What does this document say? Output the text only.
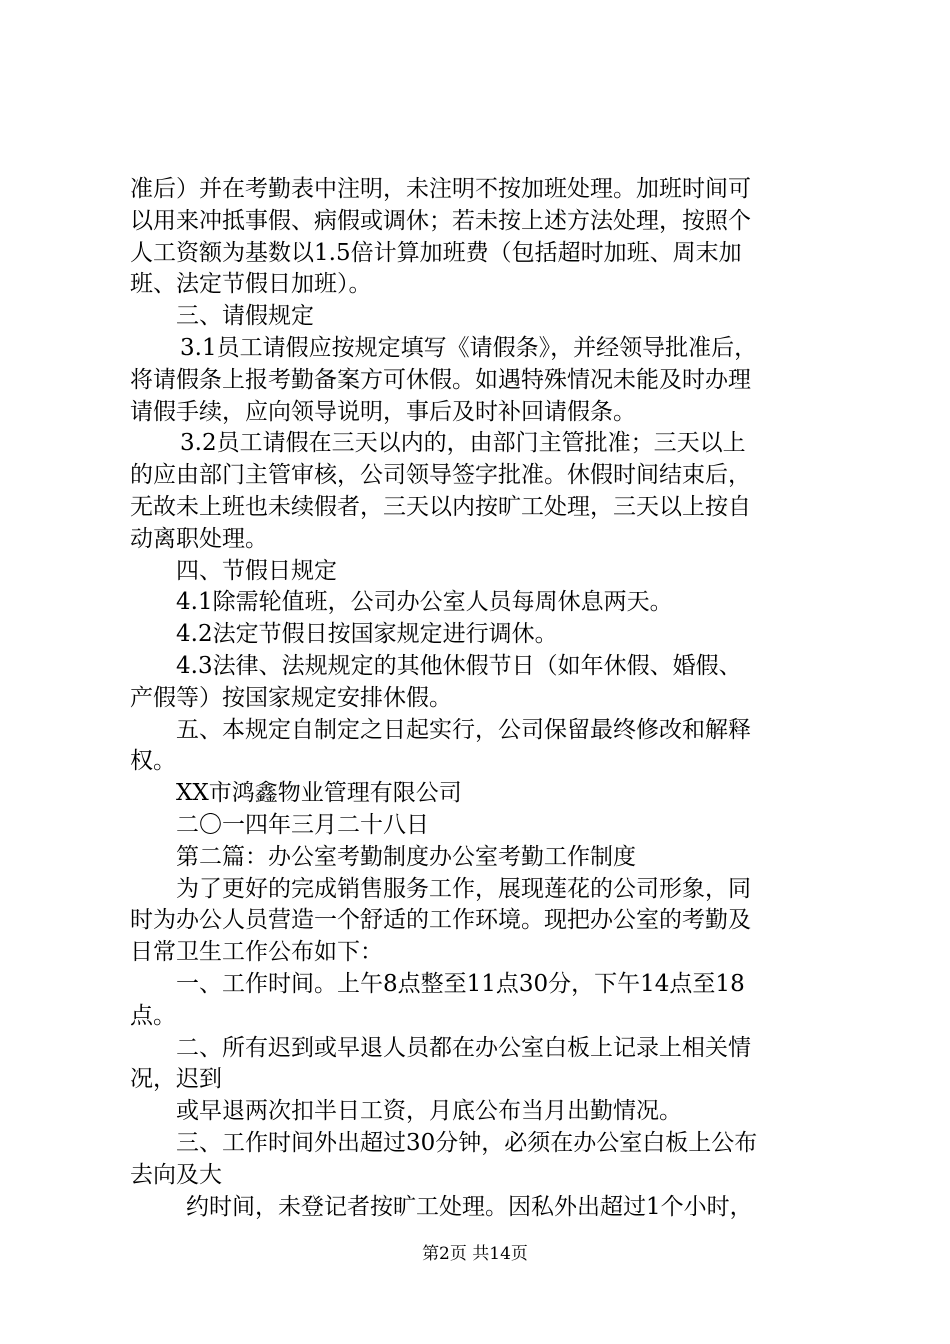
准后）并在考勤表中注明，未注明不按加班处理。加班时间可
以用来冲抵事假、病假或调休；若未按上述方法处理，按照个
人工资额为基数以1.5倍计算加班费（包括超时加班、周末加
班、法定节假日加班）。
三、请假规定
3.1员工请假应按规定填写《请假条》，并经领导批准后，
将请假条上报考勤备案方可休假。如遇特殊情况未能及时办理
请假手续，应向领导说明，事后及时补回请假条。
3.2员工请假在三天以内的，由部门主管批准；三天以上
的应由部门主管审核，公司领导签字批准。休假时间结束后，
无故未上班也未续假者，三天以内按旷工处理，三天以上按自
动离职处理。
四、节假日规定
4.1除需轮值班，公司办公室人员每周休息两天。
4.2法定节假日按国家规定进行调休。
4.3法律、法规规定的其他休假节日（如年休假、婚假、
产假等）按国家规定安排休假。
五、本规定自制定之日起实行，公司保留最终修改和解释
权。
XX市鸿鑫物业管理有限公司
二〇一四年三月二十八日
第二篇：办公室考勤制度办公室考勤工作制度
为了更好的完成销售服务工作，展现莲花的公司形象，同
时为办公人员营造一个舒适的工作环境。现把办公室的考勤及
日常卫生工作公布如下：
一、工作时间。上午8点整至11点30分，下午14点至18
点。
二、所有迟到或早退人员都在办公室白板上记录上相关情
况，迟到
或早退两次扣半日工资，月底公布当月出勤情况。
三、工作时间外出超过30分钟，必须在办公室白板上公布
去向及大
约时间，未登记者按旷工处理。因私外出超过1个小时，
第2页 共14页
